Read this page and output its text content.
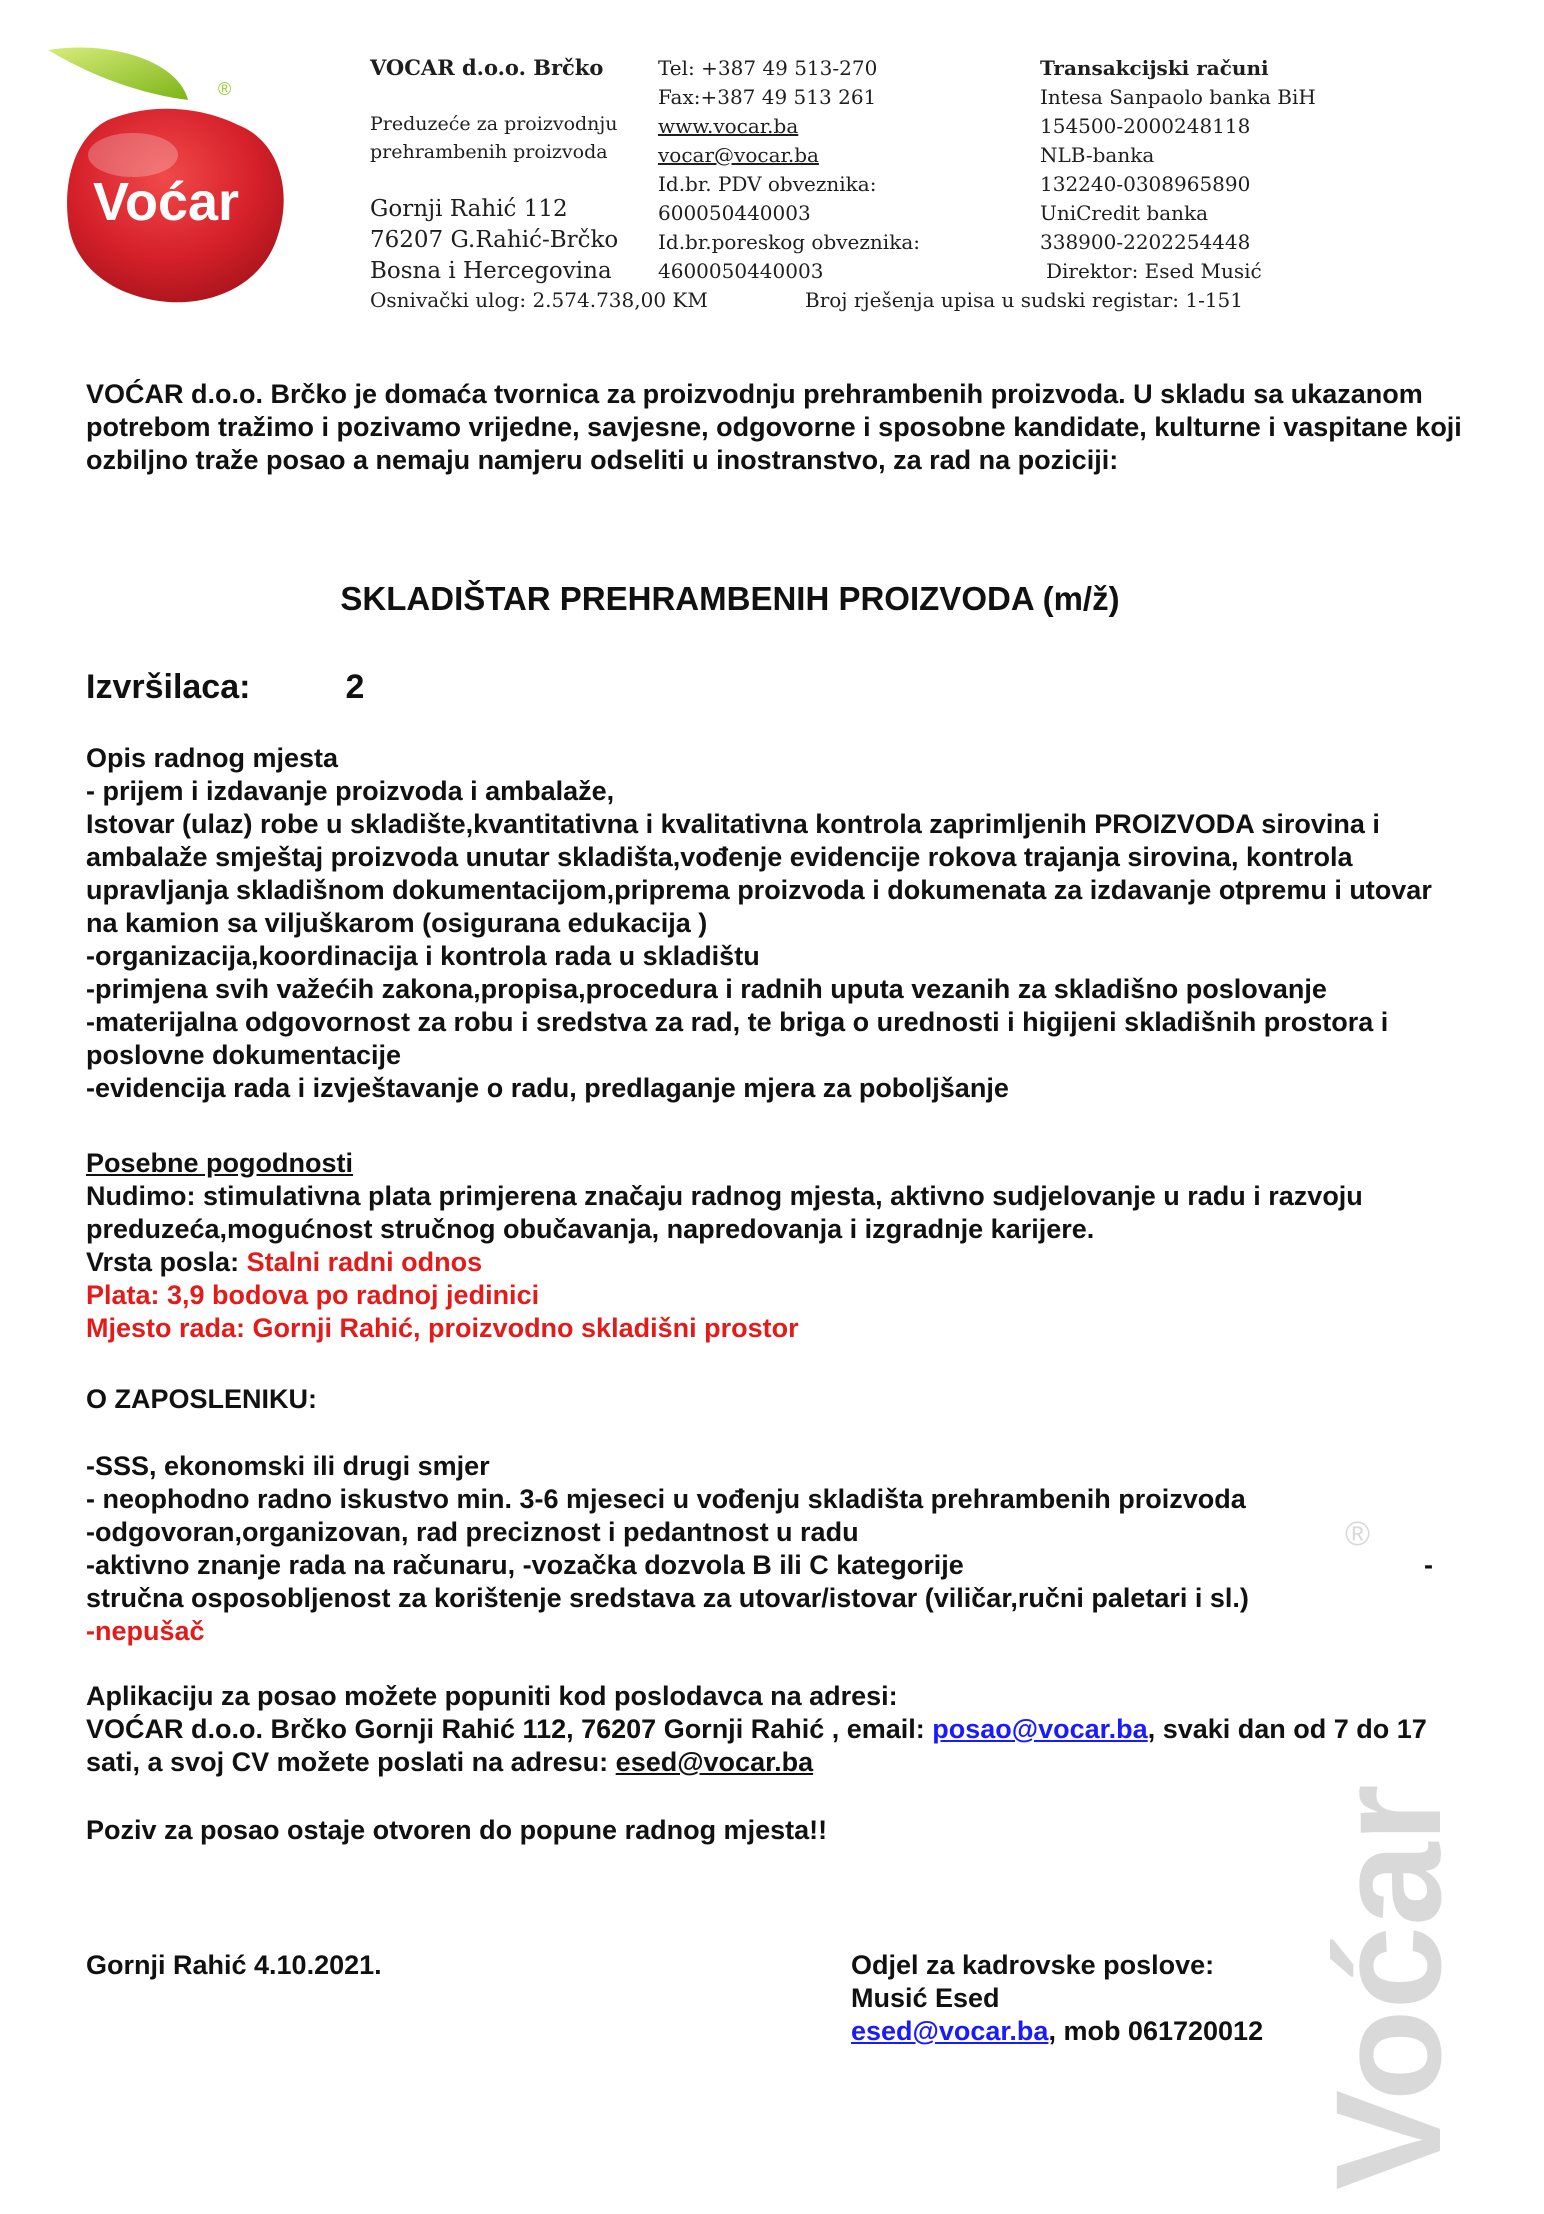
Voćar
®
VOCAR d.o.o. Brčko
Preduzeće za proizvodnju
prehrambenih proizvoda
Gornji Rahić 112
76207 G.Rahić-Brčko
Bosna i Hercegovina
Tel: +387 49 513-270
Fax:+387 49 513 261
www.vocar.ba
vocar@vocar.ba
Id.br. PDV obveznika:
600050440003
Id.br.poreskog obveznika:
4600050440003
Transakcijski računi
Intesa Sanpaolo banka BiH
154500-2000248118
NLB-banka
132240-0308965890
UniCredit banka
338900-2202254448
Direktor: Esed Musić
Osnivački ulog: 2.574.738,00 KM	Broj rješenja upisa u sudski registar: 1-151

VOĆAR d.o.o. Brčko je domaća tvornica za proizvodnju prehrambenih proizvoda. U skladu sa ukazanom potrebom tražimo i pozivamo vrijedne, savjesne, odgovorne i sposobne kandidate, kulturne i vaspitane koji ozbiljno traže posao a nemaju namjeru odseliti u inostranstvo, za rad na poziciji:

SKLADIŠTAR PREHRAMBENIH PROIZVODA (m/ž)
Izvršilaca:	2

Opis radnog mjesta

- prijem i izdavanje proizvoda i ambalaže,

Istovar (ulaz) robe u skladište,kvantitativna i kvalitativna kontrola zaprimljenih PROIZVODA sirovina i ambalaže smještaj proizvoda unutar skladišta,vođenje evidencije rokova trajanja sirovina, kontrola upravljanja skladišnom dokumentacijom,priprema proizvoda i dokumenata za izdavanje otpremu i utovar na kamion sa viljuškarom (osigurana edukacija )

-organizacija,koordinacija i kontrola rada u skladištu

-primjena svih važećih zakona,propisa,procedura i radnih uputa vezanih za skladišno poslovanje

-materijalna odgovornost za robu i sredstva za rad, te briga o urednosti i higijeni skladišnih prostora i poslovne dokumentacije

-evidencija rada i izvještavanje o radu, predlaganje mjera za poboljšanje

Posebne pogodnosti

Nudimo: stimulativna plata primjerena značaju radnog mjesta, aktivno sudjelovanje u radu i razvoju preduzeća,mogućnost stručnog obučavanja, napredovanja i izgradnje karijere.

Vrsta posla: Stalni radni odnos

Plata: 3,9 bodova po radnoj jedinici

Mjesto rada: Gornji Rahić, proizvodno skladišni prostor

O ZAPOSLENIKU:

-SSS, ekonomski ili drugi smjer

- neophodno radno iskustvo min. 3-6 mjeseci u vođenju skladišta prehrambenih proizvoda

-odgovoran,organizovan, rad preciznost i pedantnost u radu

-aktivno znanje rada na računaru, -vozačka dozvola B ili C kategorije	-

stručna osposobljenost za korištenje sredstava za utovar/istovar (viličar,ručni paletari i sl.)

-nepušač

Aplikaciju za posao možete popuniti kod poslodavca na adresi:

VOĆAR d.o.o. Brčko Gornji Rahić 112, 76207 Gornji Rahić , email: posao@vocar.ba, svaki dan od 7 do 17 sati, a svoj CV možete poslati na adresu: esed@vocar.ba

Poziv za posao ostaje otvoren do popune radnog mjesta!!

Gornji Rahić 4.10.2021.	Odjel za kadrovske poslove:

Musić Esed

esed@vocar.ba, mob 061720012 Voćar
®
